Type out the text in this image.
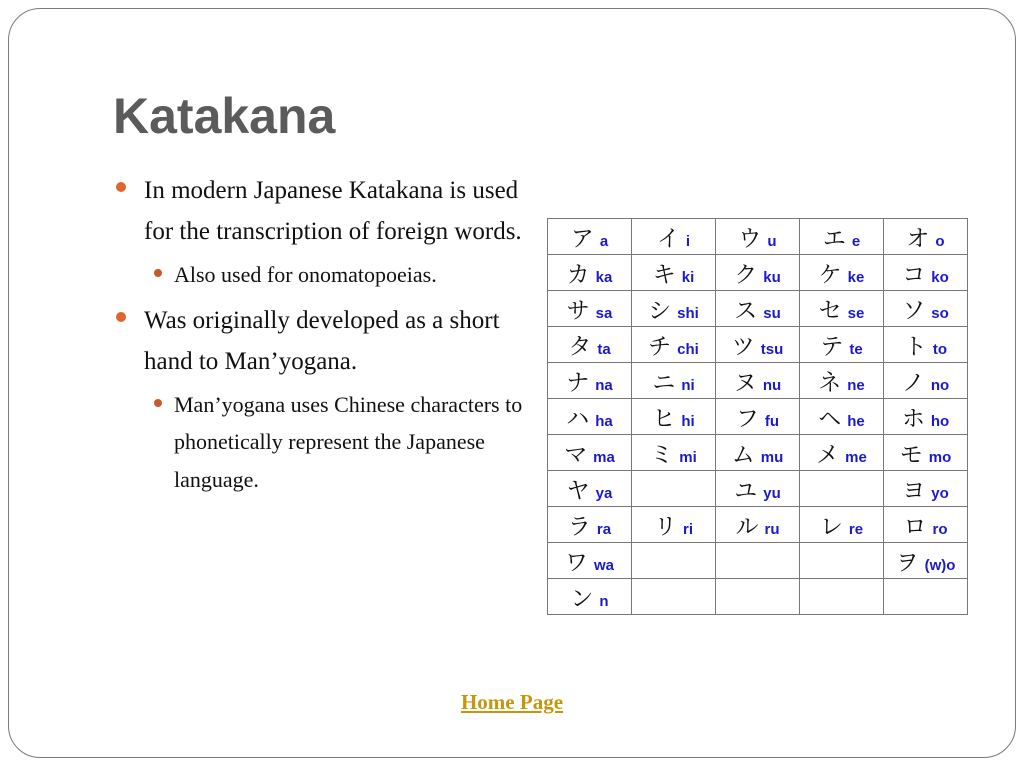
Katakana

In modern Japanese Katakana is used for the transcription of foreign words.

Also used for onomatopoeias.

Was originally developed as a short hand to Man’yogana.

Man’yogana uses Chinese characters to phonetically represent the Japanese language.

ア a	イ i	ウ u	エ e	オ o
カ ka	キ ki	ク ku	ケ ke	コ ko
サ sa	シ shi	ス su	セ se	ソ so
タ ta	チ chi	ツ tsu	テ te	ト to
ナ na	ニ ni	ヌ nu	ネ ne	ノ no
ハ ha	ヒ hi	フ fu	ヘ he	ホ ho
マ ma	ミ mi	ム mu	メ me	モ mo
ヤ ya		ユ yu		ヨ yo
ラ ra	リ ri	ル ru	レ re	ロ ro
ワ wa				ヲ (w)o
ン n				
Home Page
